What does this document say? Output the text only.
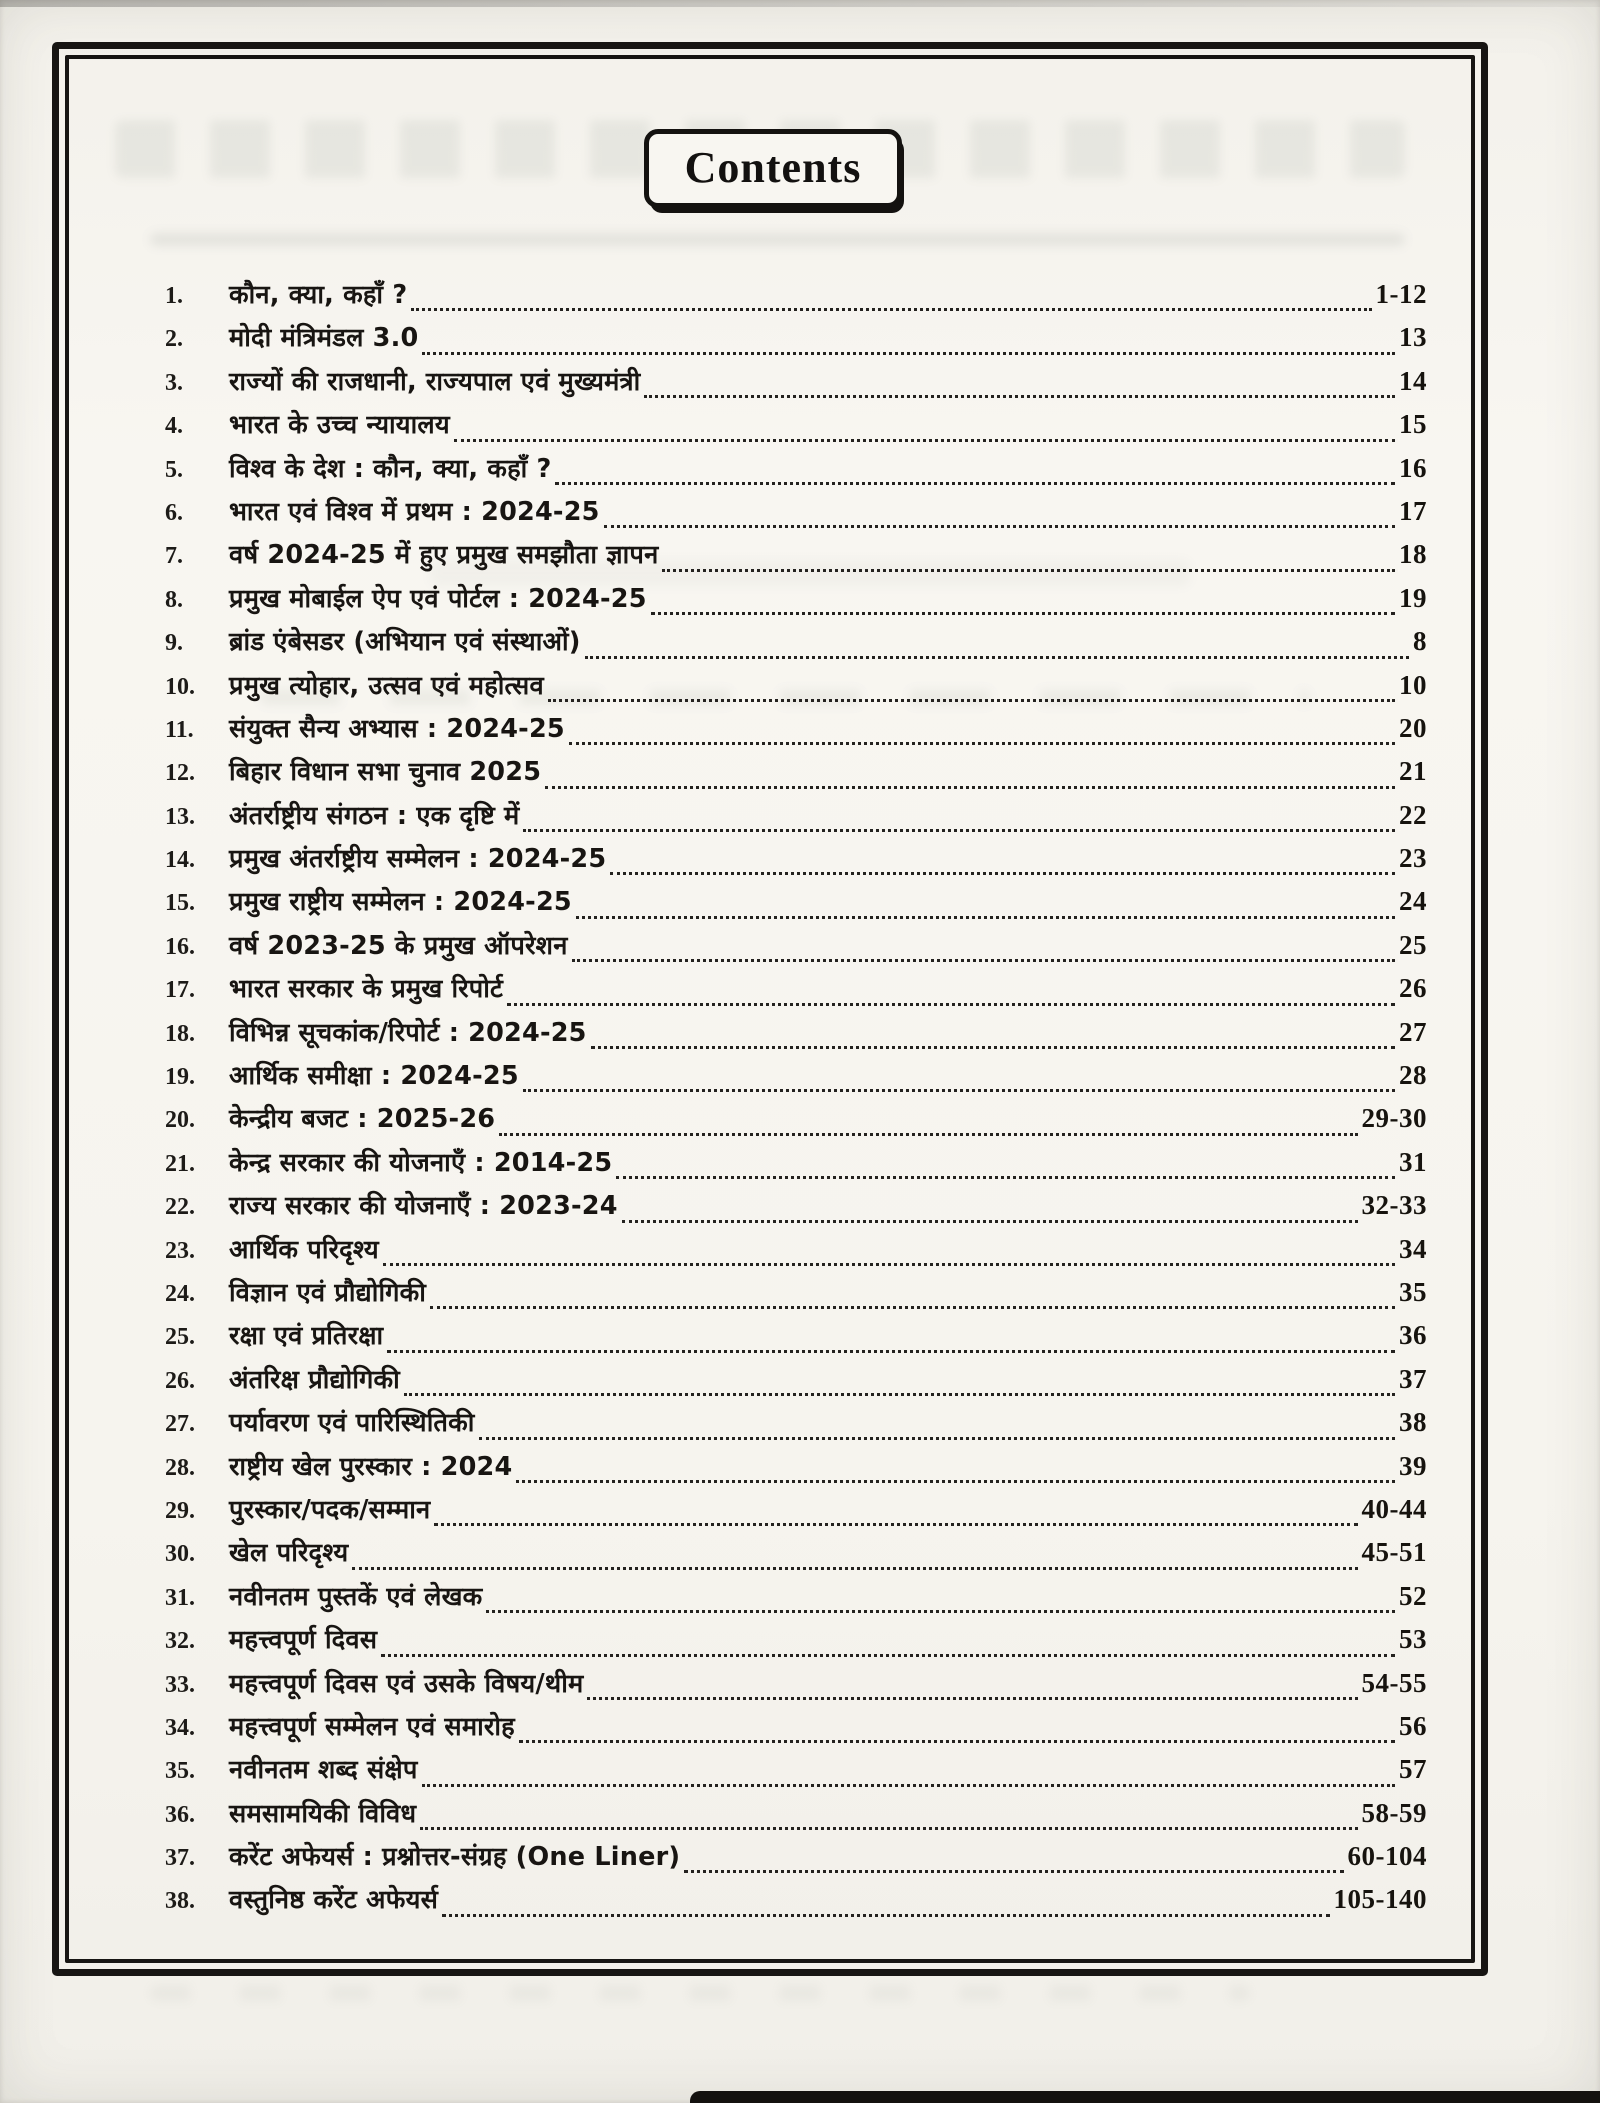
Contents
1.	कौन, क्या, कहाँ ?	1-12
2.	मोदी मंत्रिमंडल 3.0	13
3.	राज्यों की राजधानी, राज्यपाल एवं मुख्यमंत्री	14
4.	भारत के उच्च न्यायालय	15
5.	विश्व के देश : कौन, क्या, कहाँ ?	16
6.	भारत एवं विश्व में प्रथम : 2024-25	17
7.	वर्ष 2024-25 में हुए प्रमुख समझौता ज्ञापन	18
8.	प्रमुख मोबाईल ऐप एवं पोर्टल : 2024-25	19
9.	ब्रांड एंबेसडर (अभियान एवं संस्थाओं)	8
10.	प्रमुख त्योहार, उत्सव एवं महोत्सव	10
11.	संयुक्त सैन्य अभ्यास : 2024-25	20
12.	बिहार विधान सभा चुनाव 2025	21
13.	अंतर्राष्ट्रीय संगठन : एक दृष्टि में	22
14.	प्रमुख अंतर्राष्ट्रीय सम्मेलन : 2024-25	23
15.	प्रमुख राष्ट्रीय सम्मेलन : 2024-25	24
16.	वर्ष 2023-25 के प्रमुख ऑपरेशन	25
17.	भारत सरकार के प्रमुख रिपोर्ट	26
18.	विभिन्न सूचकांक/रिपोर्ट : 2024-25	27
19.	आर्थिक समीक्षा : 2024-25	28
20.	केन्द्रीय बजट : 2025-26	29-30
21.	केन्द्र सरकार की योजनाएँ : 2014-25	31
22.	राज्य सरकार की योजनाएँ : 2023-24	32-33
23.	आर्थिक परिदृश्य	34
24.	विज्ञान एवं प्रौद्योगिकी	35
25.	रक्षा एवं प्रतिरक्षा	36
26.	अंतरिक्ष प्रौद्योगिकी	37
27.	पर्यावरण एवं पारिस्थितिकी	38
28.	राष्ट्रीय खेल पुरस्कार : 2024	39
29.	पुरस्कार/पदक/सम्मान	40-44
30.	खेल परिदृश्य	45-51
31.	नवीनतम पुस्तकें एवं लेखक	52
32.	महत्त्वपूर्ण दिवस	53
33.	महत्त्वपूर्ण दिवस एवं उसके विषय/थीम	54-55
34.	महत्त्वपूर्ण सम्मेलन एवं समारोह	56
35.	नवीनतम शब्द संक्षेप	57
36.	समसामयिकी विविध	58-59
37.	करेंट अफेयर्स : प्रश्नोत्तर-संग्रह (One Liner)	60-104
38.	वस्तुनिष्ठ करेंट अफेयर्स	105-140
